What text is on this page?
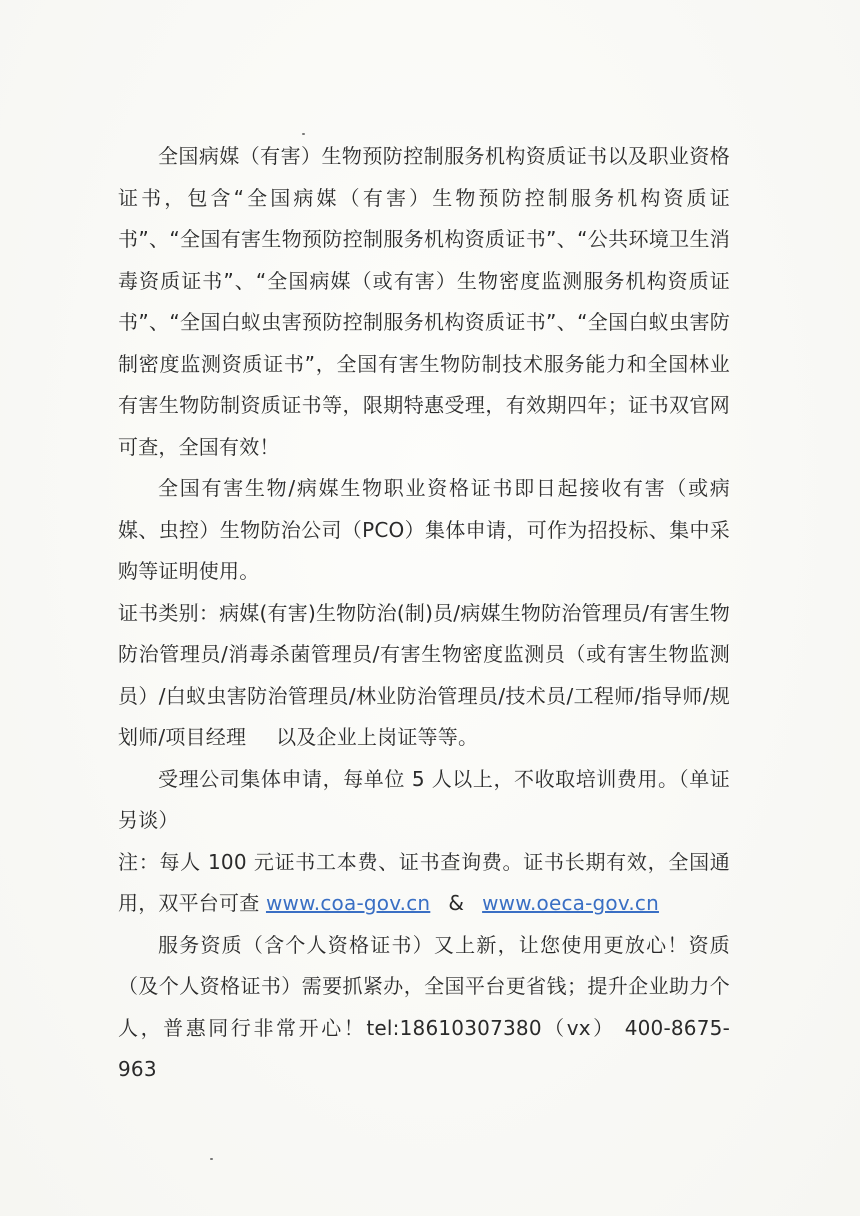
全国病媒（有害）生物预防控制服务机构资质证书以及职业资格证书，包含“全国病媒（有害）生物预防控制服务机构资质证书”、“全国有害生物预防控制服务机构资质证书”、“公共环境卫生消毒资质证书”、“全国病媒（或有害）生物密度监测服务机构资质证书”、“全国白蚁虫害预防控制服务机构资质证书”、“全国白蚁虫害防制密度监测资质证书”，全国有害生物防制技术服务能力和全国林业有害生物防制资质证书等，限期特惠受理，有效期四年；证书双官网可查，全国有效！

全国有害生物/病媒生物职业资格证书即日起接收有害（或病媒、虫控）生物防治公司（PCO）集体申请，可作为招投标、集中采购等证明使用。

证书类别：病媒(有害)生物防治(制)员/病媒生物防治管理员/有害生物防治管理员/消毒杀菌管理员/有害生物密度监测员（或有害生物监测员）/白蚁虫害防治管理员/林业防治管理员/技术员/工程师/指导师/规划师/项目经理 以及企业上岗证等等。

受理公司集体申请，每单位 5 人以上，不收取培训费用。（单证另谈）

注：每人 100 元证书工本费、证书查询费。证书长期有效，全国通用，双平台可查 www.coa-gov.cn & www.oeca-gov.cn

服务资质（含个人资格证书）又上新，让您使用更放心！资质（及个人资格证书）需要抓紧办，全国平台更省钱；提升企业助力个人，普惠同行非常开心！tel:18610307380（vx） 400-8675-963
